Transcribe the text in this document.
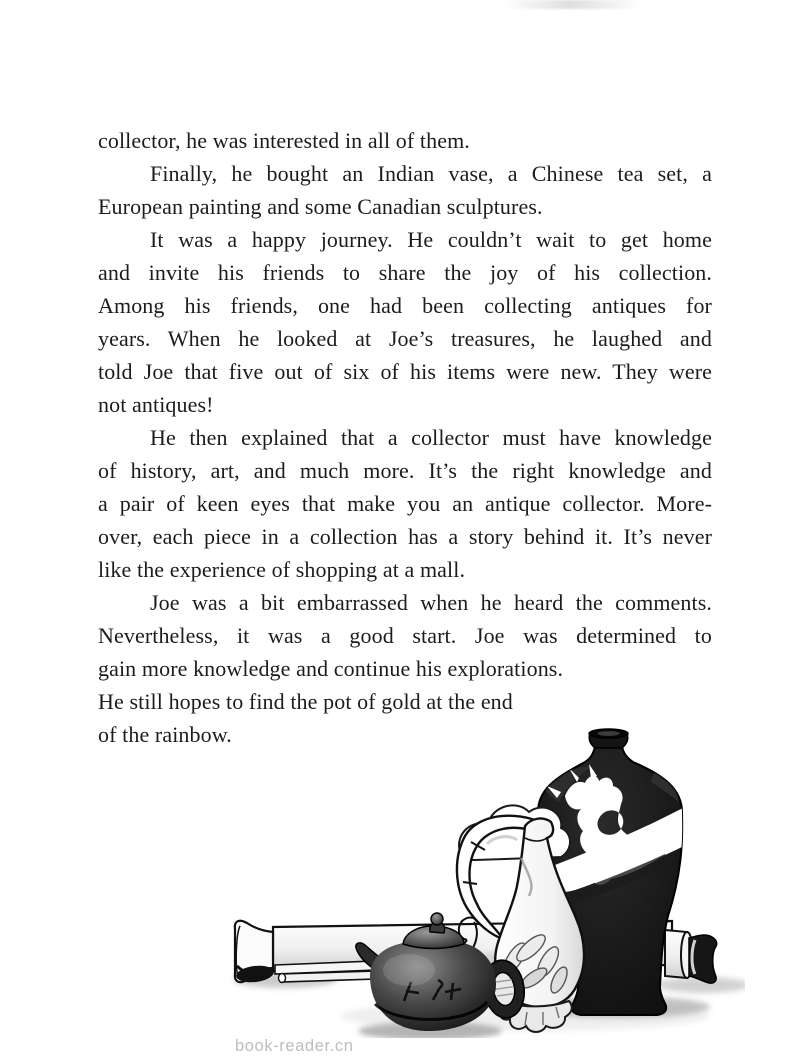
collector, he was interested in all of them.
Finally, he bought an Indian vase, a Chinese tea set, a
European painting and some Canadian sculptures.
It was a happy journey. He couldn’t wait to get home
and invite his friends to share the joy of his collection.
Among his friends, one had been collecting antiques for
years. When he looked at Joe’s treasures, he laughed and
told Joe that five out of six of his items were new. They were
not antiques!
He then explained that a collector must have knowledge
of history, art, and much more. It’s the right knowledge and
a pair of keen eyes that make you an antique collector. More-
over, each piece in a collection has a story behind it. It’s never
like the experience of shopping at a mall.
Joe was a bit embarrassed when he heard the comments.
Nevertheless, it was a good start. Joe was determined to
gain more knowledge and continue his explorations.
He still hopes to find the pot of gold at the end
of the rainbow.
book-reader.cn
